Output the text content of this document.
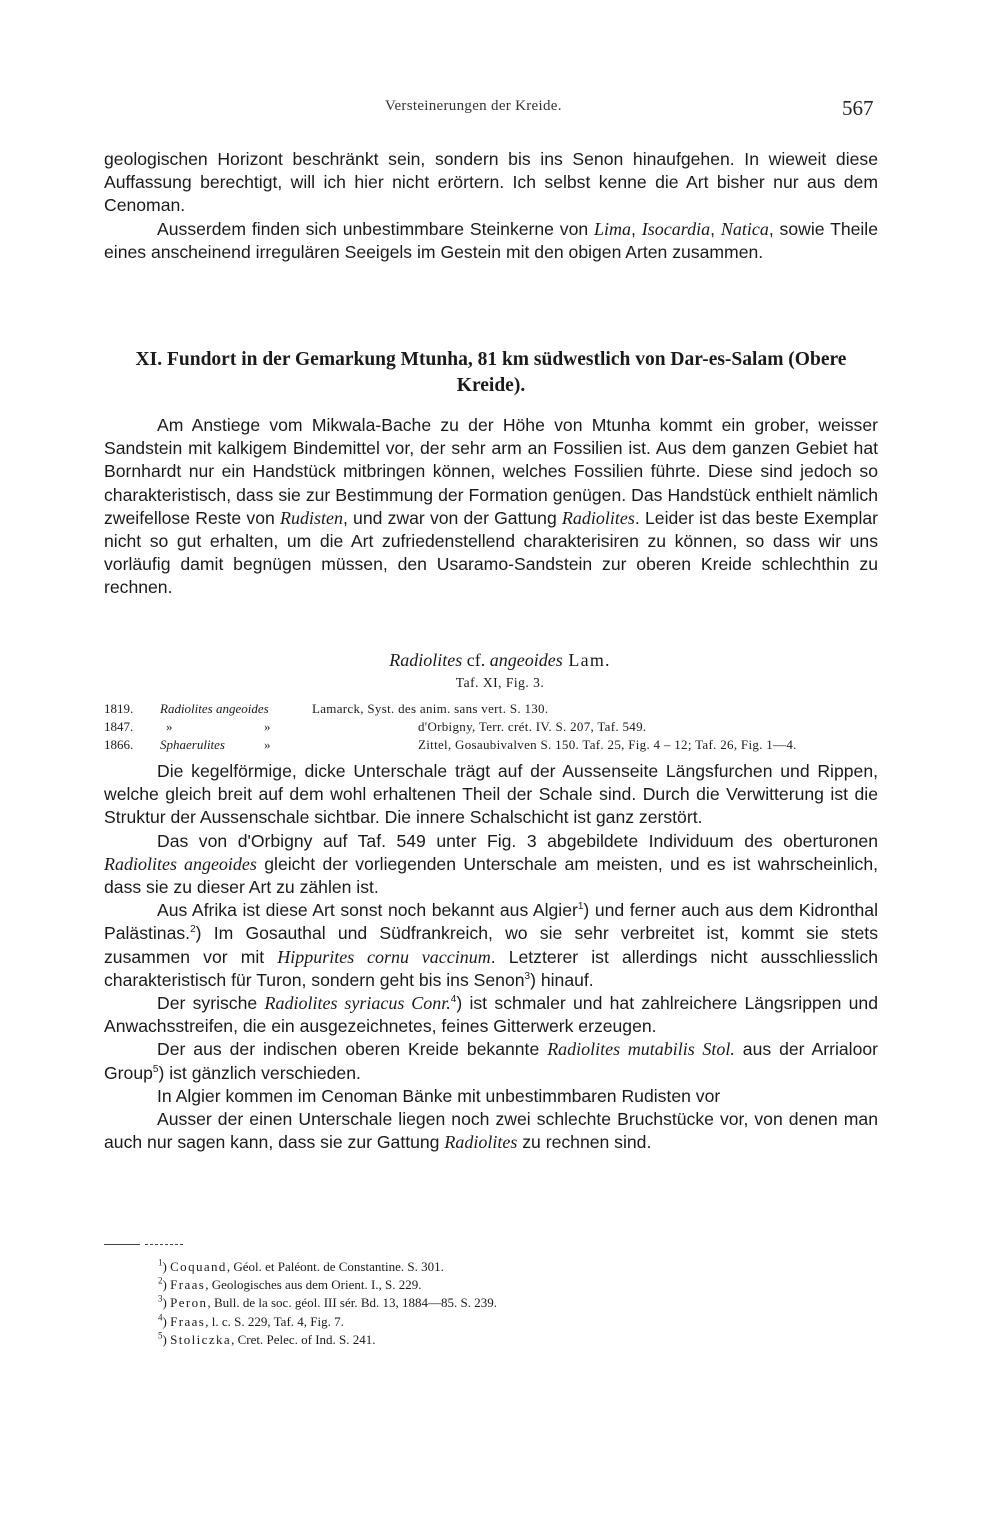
Versteinerungen der Kreide.	567

geologischen Horizont beschränkt sein, sondern bis ins Senon hinaufgehen. In wieweit diese Auffassung berechtigt, will ich hier nicht erörtern. Ich selbst kenne die Art bisher nur aus dem Cenoman.

Ausserdem finden sich unbestimmbare Steinkerne von Lima, Isocardia, Natica, sowie Theile eines anscheinend irregulären Seeigels im Gestein mit den obigen Arten zusammen.

XI. Fundort in der Gemarkung Mtunha, 81 km südwestlich von Dar-es-Salam (Obere Kreide).

Am Anstiege vom Mikwala-Bache zu der Höhe von Mtunha kommt ein grober, weisser Sandstein mit kalkigem Bindemittel vor, der sehr arm an Fossilien ist. Aus dem ganzen Gebiet hat Bornhardt nur ein Handstück mitbringen können, welches Fossilien führte. Diese sind jedoch so charakteristisch, dass sie zur Bestimmung der Formation genügen. Das Handstück enthielt nämlich zweifellose Reste von Rudisten, und zwar von der Gattung Radiolites. Leider ist das beste Exemplar nicht so gut erhalten, um die Art zufriedenstellend charakterisiren zu können, so dass wir uns vorläufig damit begnügen müssen, den Usaramo-Sandstein zur oberen Kreide schlechthin zu rechnen.

Radiolites cf. angeoides Lam.
Taf. XI, Fig. 3.
1819. Radiolites angeoides	Lamarck, Syst. des anim. sans vert. S. 130.
1847.	»	»	d'Orbigny, Terr. crét. IV. S. 207, Taf. 549.
1866. Sphaerulites	»	Zittel, Gosaubivalven S. 150. Taf. 25, Fig. 4 – 12; Taf. 26, Fig. 1—4.

Die kegelförmige, dicke Unterschale trägt auf der Aussenseite Längsfurchen und Rippen, welche gleich breit auf dem wohl erhaltenen Theil der Schale sind. Durch die Verwitterung ist die Struktur der Aussenschale sichtbar. Die innere Schalschicht ist ganz zerstört.

Das von d'Orbigny auf Taf. 549 unter Fig. 3 abgebildete Individuum des oberturonen Radiolites angeoides gleicht der vorliegenden Unterschale am meisten, und es ist wahrscheinlich, dass sie zu dieser Art zu zählen ist.

Aus Afrika ist diese Art sonst noch bekannt aus Algier$^1$) und ferner auch aus dem Kidronthal Palästinas.$^2$) Im Gosauthal und Südfrankreich, wo sie sehr verbreitet ist, kommt sie stets zusammen vor mit Hippurites cornu vaccinum. Letzterer ist allerdings nicht ausschliesslich charakteristisch für Turon, sondern geht bis ins Senon$^3$) hinauf.

Der syrische Radiolites syriacus Conr.$^4$) ist schmaler und hat zahlreichere Längsrippen und Anwachsstreifen, die ein ausgezeichnetes, feines Gitterwerk erzeugen.

Der aus der indischen oberen Kreide bekannte Radiolites mutabilis Stol. aus der Arrialoor Group$^5$) ist gänzlich verschieden.

In Algier kommen im Cenoman Bänke mit unbestimmbaren Rudisten vor

Ausser der einen Unterschale liegen noch zwei schlechte Bruchstücke vor, von denen man auch nur sagen kann, dass sie zur Gattung Radiolites zu rechnen sind.

$^1$) Coquand, Géol. et Paléont. de Constantine. S. 301.
$^2$) Fraas, Geologisches aus dem Orient. I., S. 229.
$^3$) Peron, Bull. de la soc. géol. III sér. Bd. 13, 1884—85. S. 239.
$^4$) Fraas, l. c. S. 229, Taf. 4, Fig. 7.
$^5$) Stoliczka, Cret. Pelec. of Ind. S. 241.
